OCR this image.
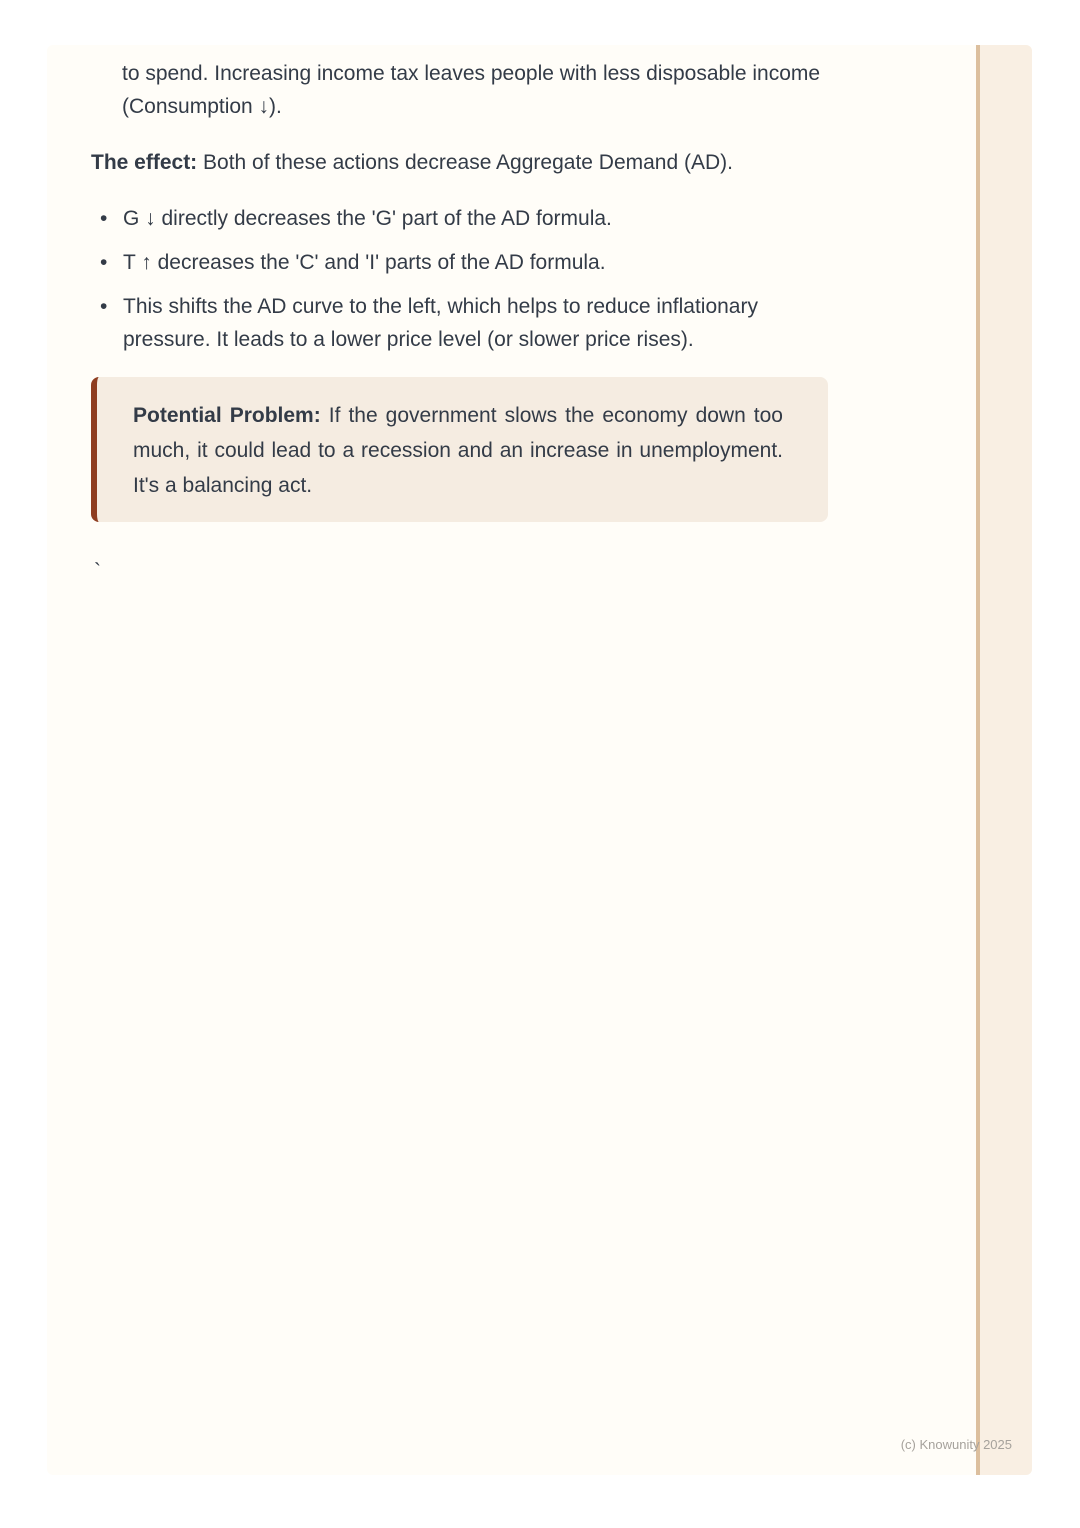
to spend. Increasing income tax leaves people with less disposable income (Consumption ↓).

The effect: Both of these actions decrease Aggregate Demand (AD).

• G ↓ directly decreases the 'G' part of the AD formula.
• T ↑ decreases the 'C' and 'I' parts of the AD formula.
• This shifts the AD curve to the left, which helps to reduce inflationary pressure. It leads to a lower price level (or slower price rises).
Potential Problem: If the government slows the economy down too much, it could lead to a recession and an increase in unemployment. It's a balancing act.
`
(c) Knowunity 2025
